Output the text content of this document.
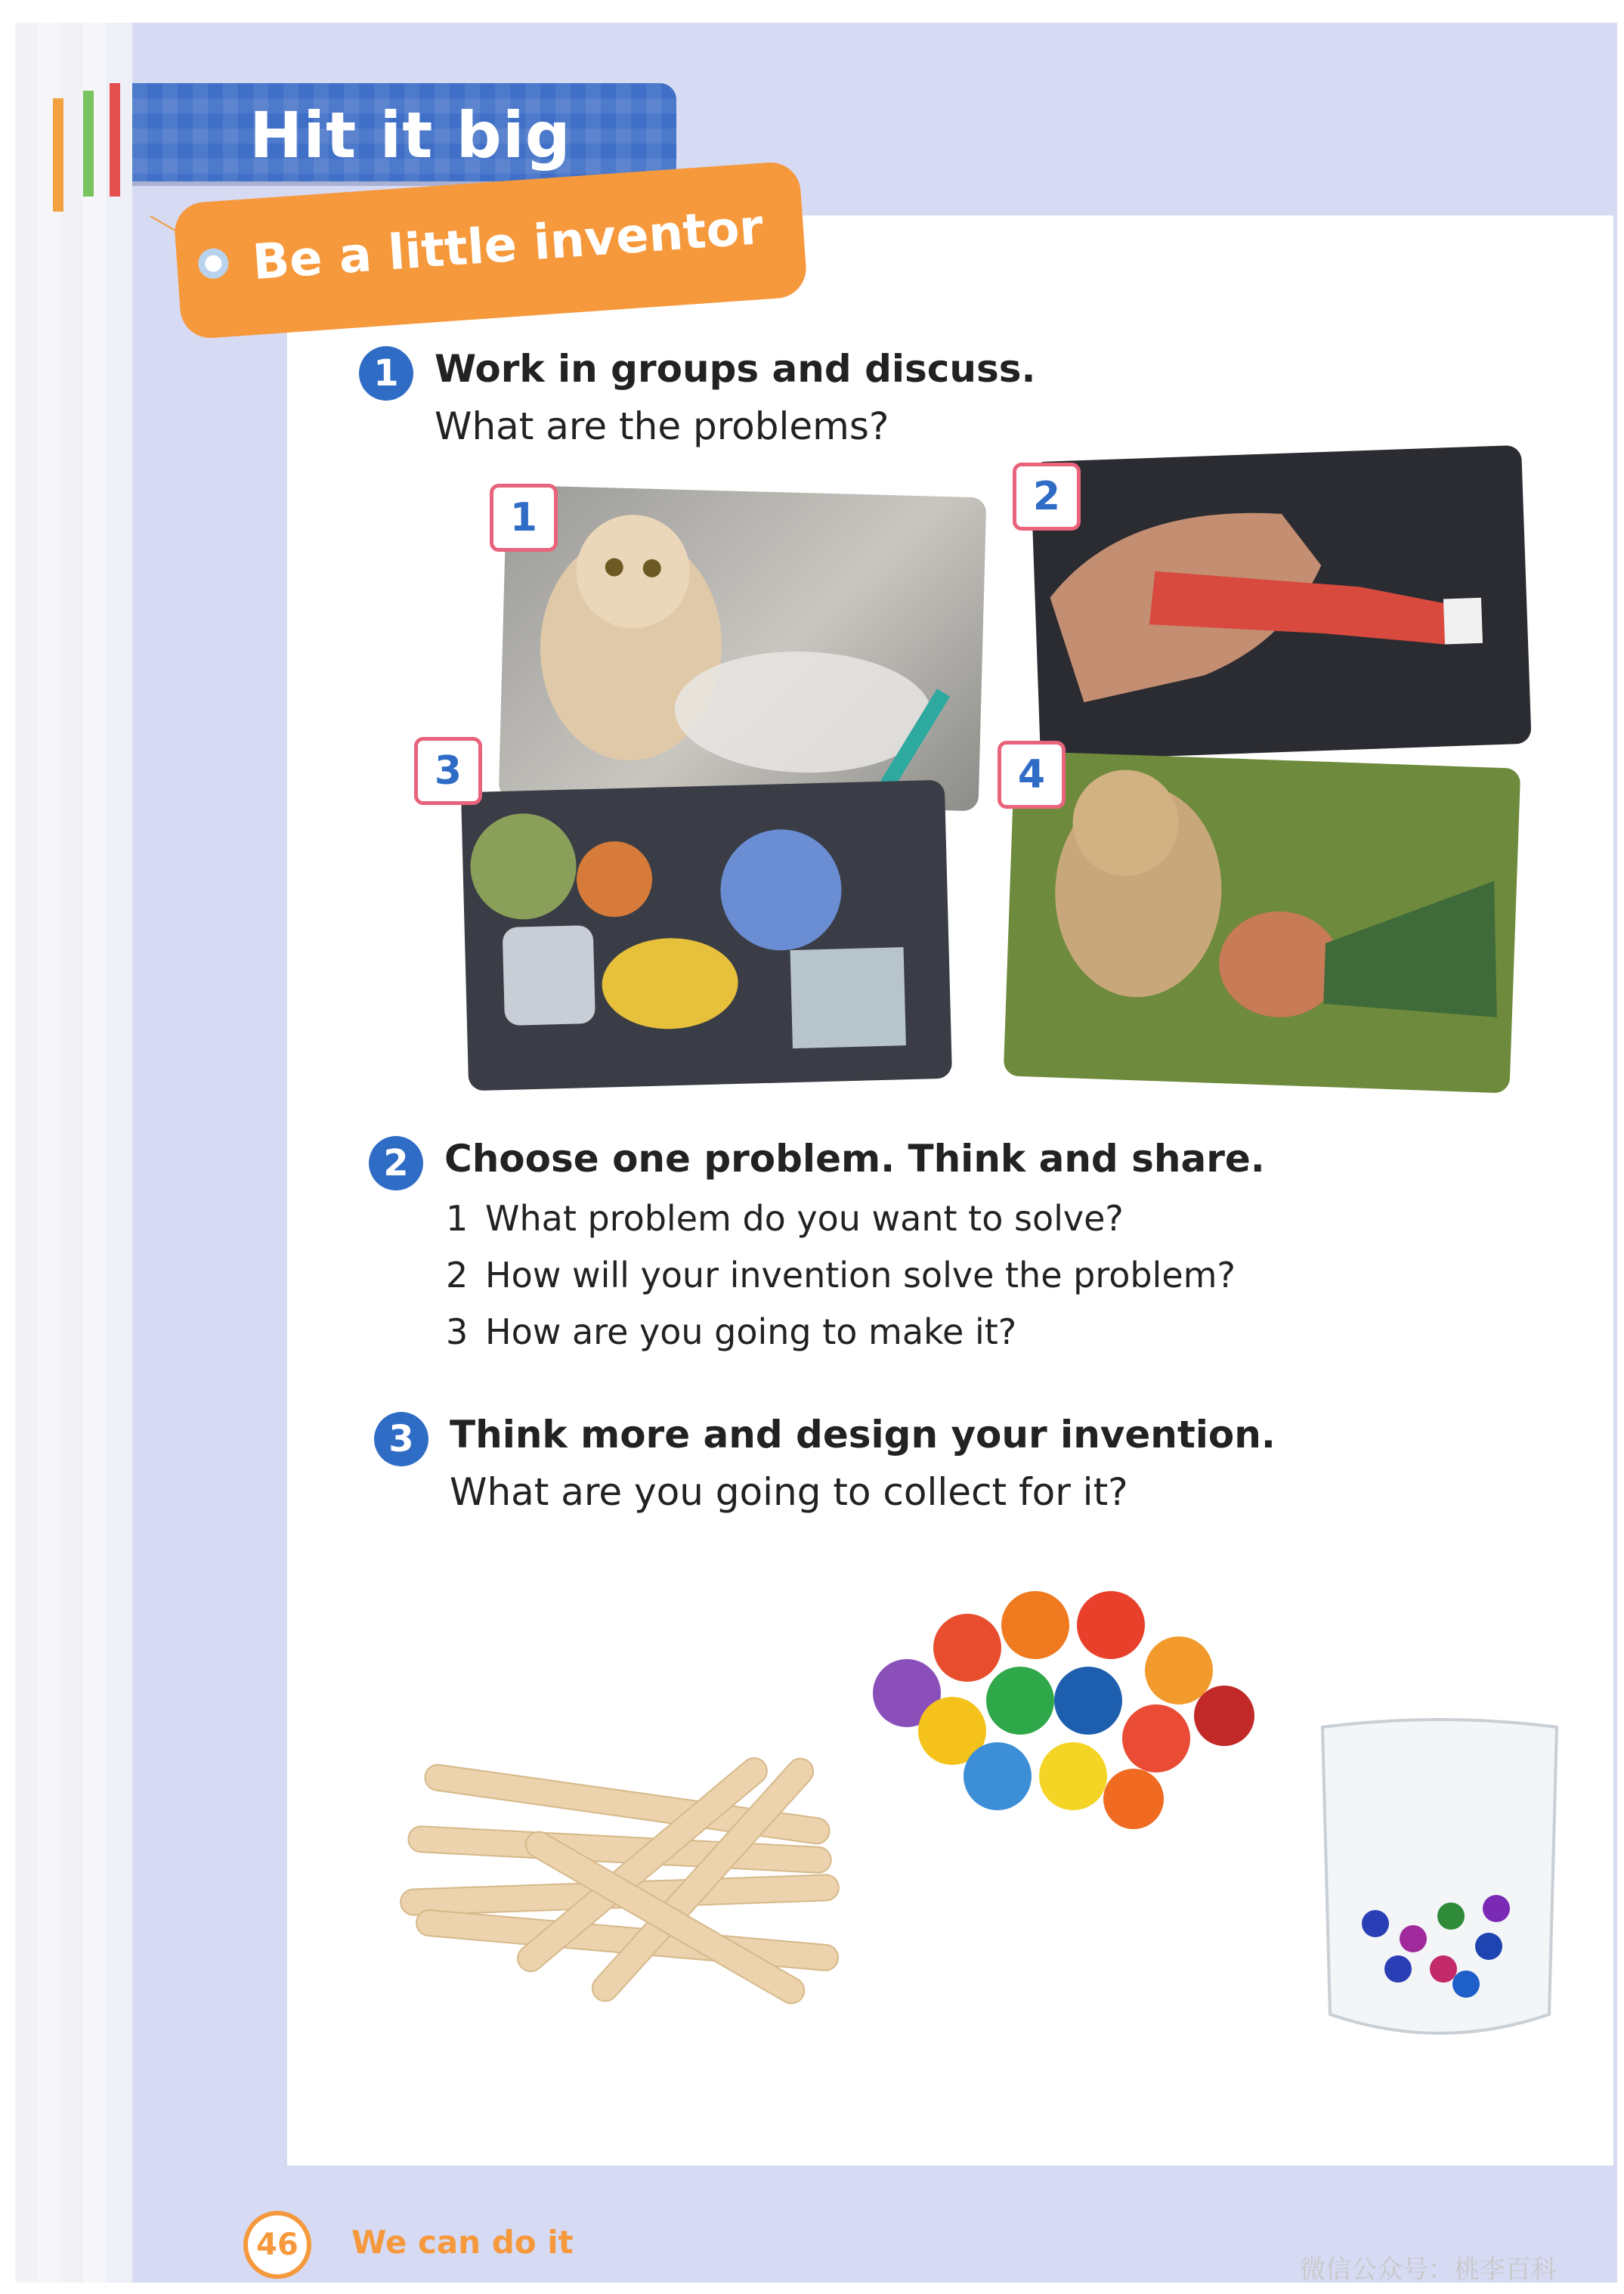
Hit it big
Be a little inventor
1 Work in groups and discuss.
What are the problems?
1	2
3	4
2 Choose one problem. Think and share.
1 What problem do you want to solve?
2 How will your invention solve the problem?
3 How are you going to make it?
3 Think more and design your invention.
What are you going to collect for it?
46	We can do it
微信公众号：桃李百科
